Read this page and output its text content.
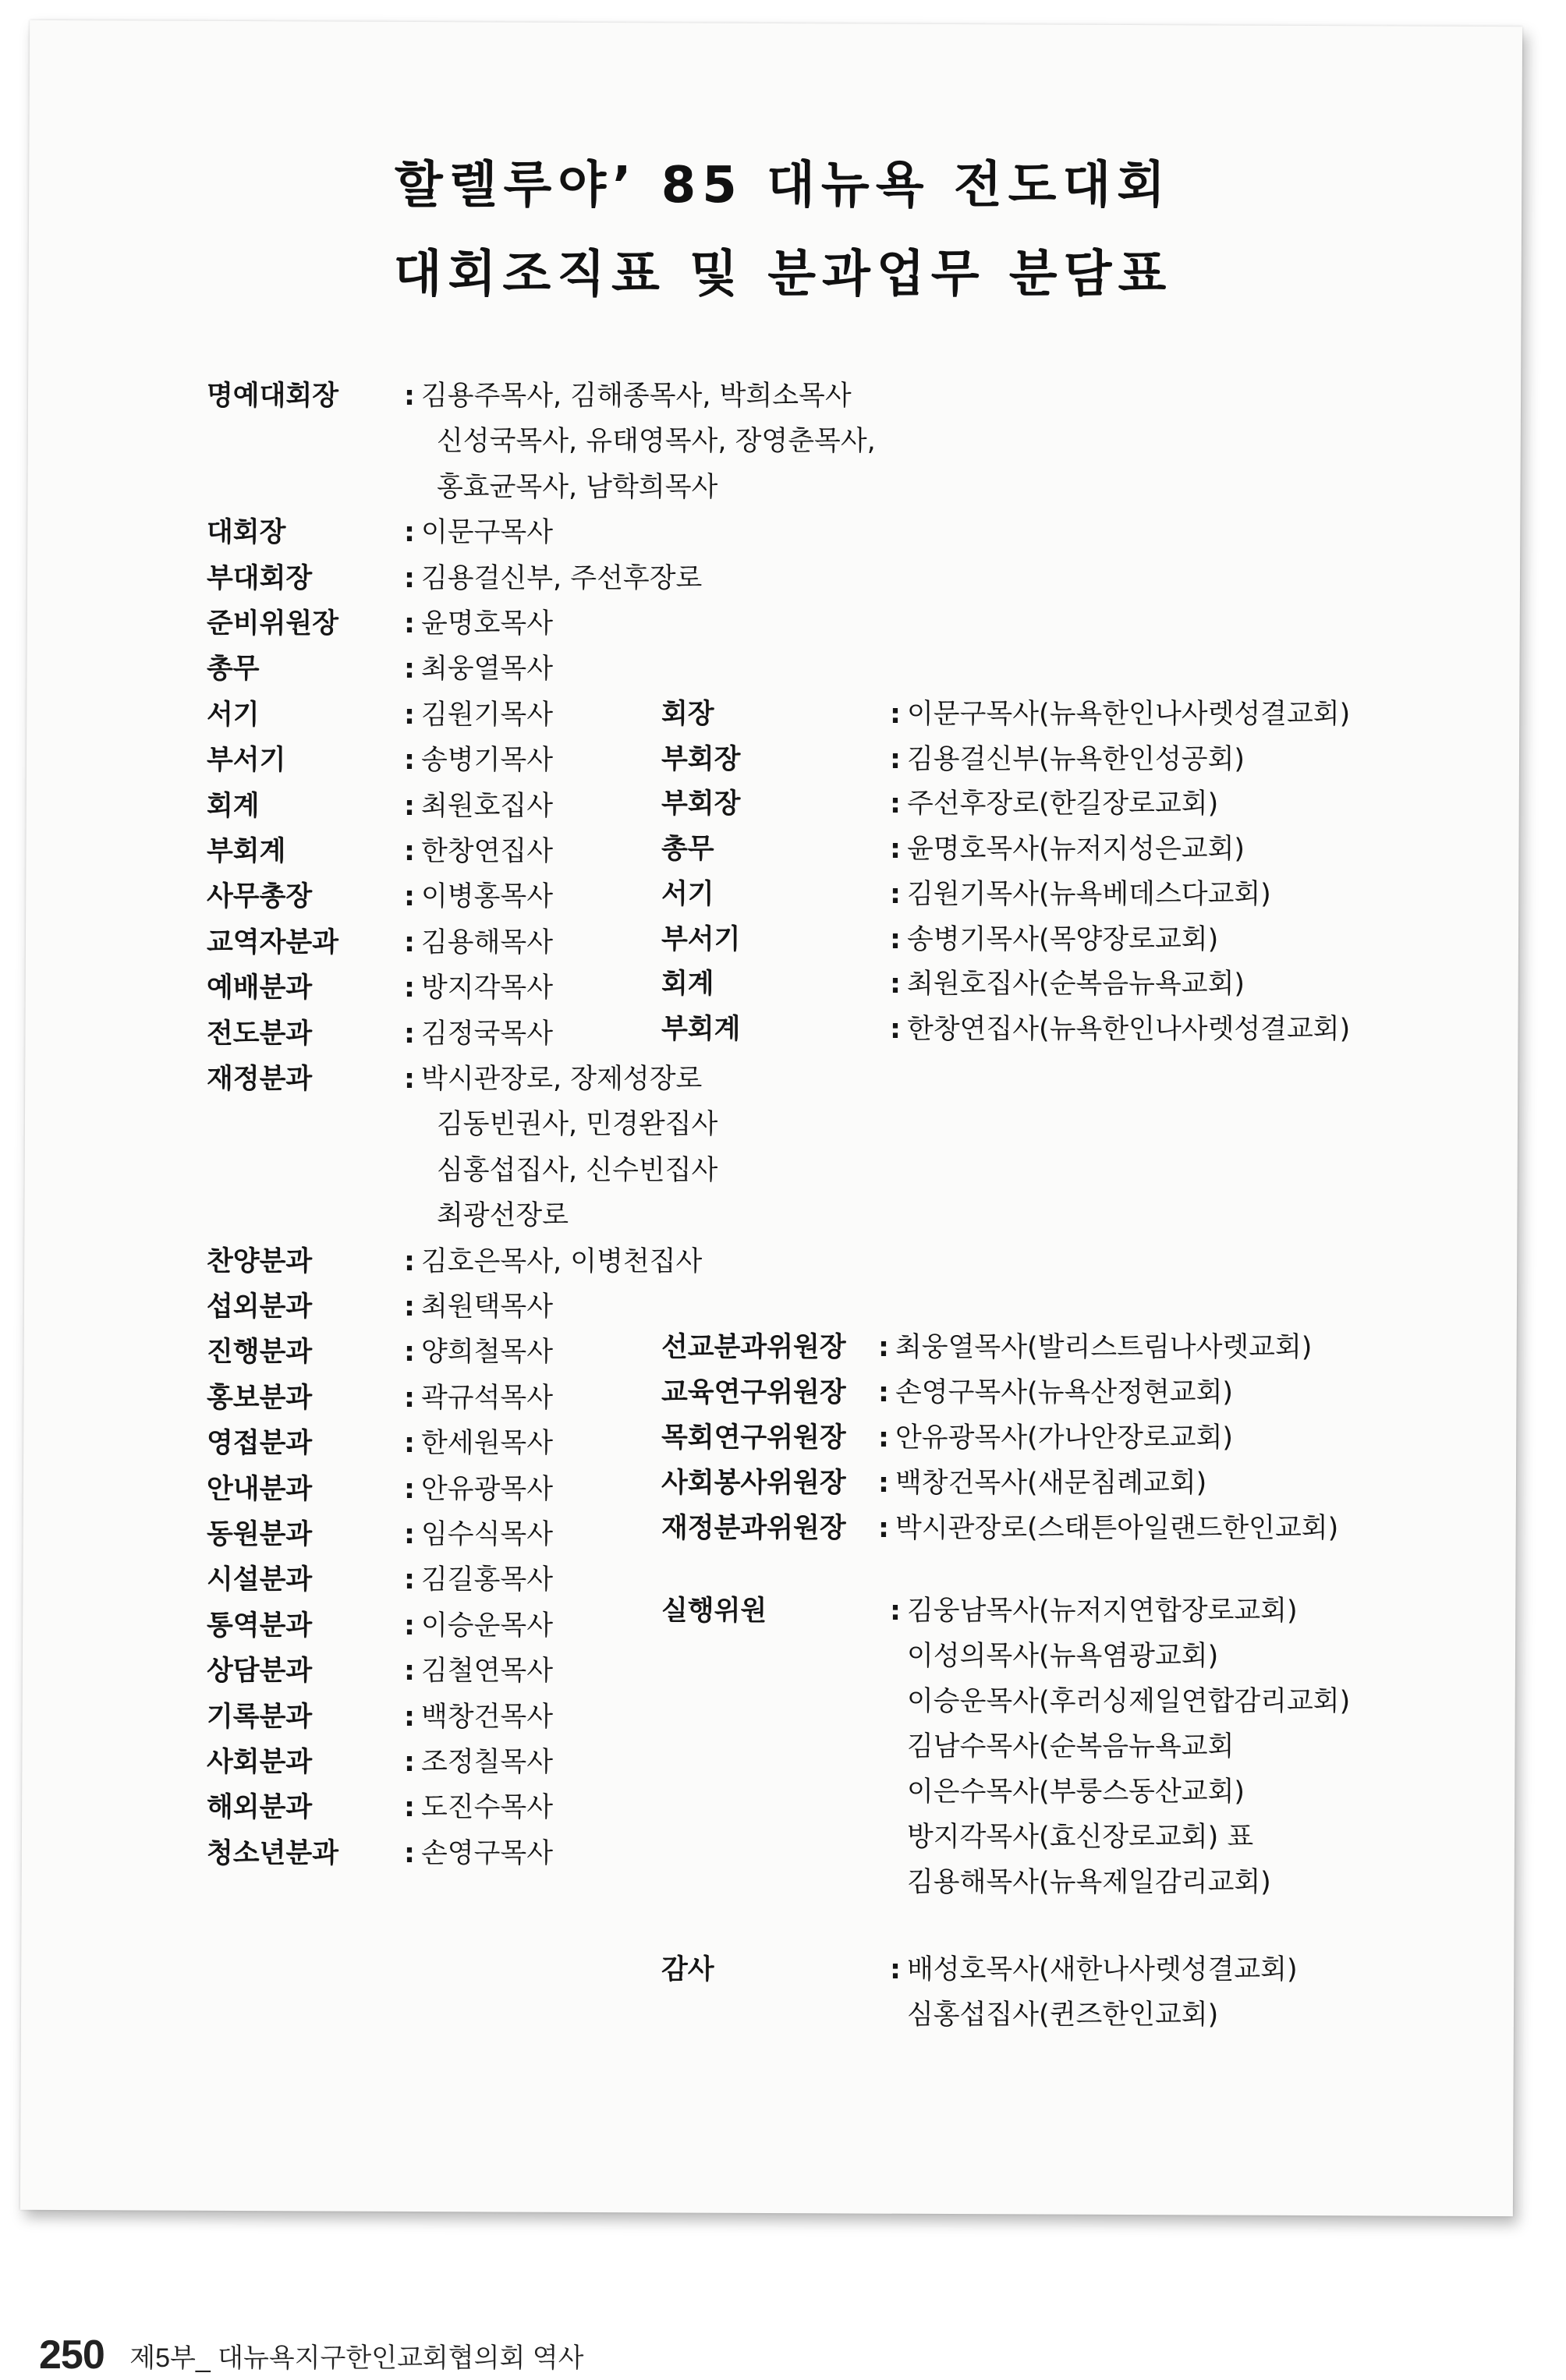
할렐루야’ 85 대뉴욕 전도대회
대회조직표 및 분과업무 분담표
명예대회장 : 김용주목사, 김해종목사, 박희소목사
신성국목사, 유태영목사, 장영춘목사,
홍효균목사, 남학희목사
대회장	: 이문구목사
부대회장	: 김용걸신부, 주선후장로
준비위원장 : 윤명호목사
총무	: 최웅열목사
서기	: 김원기목사
부서기	: 송병기목사
회계	: 최원호집사
부회계	: 한창연집사
사무총장	: 이병홍목사
교역자분과 : 김용해목사
예배분과	: 방지각목사
전도분과	: 김정국목사
재정분과	: 박시관장로, 장제성장로
김동빈권사, 민경완집사
심홍섭집사, 신수빈집사
최광선장로
찬양분과	: 김호은목사, 이병천집사
섭외분과	: 최원택목사
진행분과	: 양희철목사
홍보분과	: 곽규석목사
영접분과	: 한세원목사
안내분과	: 안유광목사
동원분과	: 임수식목사
시설분과	: 김길홍목사
통역분과	: 이승운목사
상담분과	: 김철연목사
기록분과	: 백창건목사
사회분과	: 조정칠목사
해외분과	: 도진수목사
청소년분과 : 손영구목사
회장	: 이문구목사(뉴욕한인나사렛성결교회)
부회장	: 김용걸신부(뉴욕한인성공회)
부회장	: 주선후장로(한길장로교회)
총무	: 윤명호목사(뉴저지성은교회)
서기	: 김원기목사(뉴욕베데스다교회)
부서기	: 송병기목사(목양장로교회)
회계	: 최원호집사(순복음뉴욕교회)
부회계	: 한창연집사(뉴욕한인나사렛성결교회)
선교분과위원장 : 최웅열목사(발리스트림나사렛교회)
교육연구위원장 : 손영구목사(뉴욕산정현교회)
목회연구위원장 : 안유광목사(가나안장로교회)
사회봉사위원장 : 백창건목사(새문침례교회)
재정분과위원장 : 박시관장로(스태튼아일랜드한인교회)
실행위원	: 김웅남목사(뉴저지연합장로교회)
이성의목사(뉴욕염광교회)
이승운목사(후러싱제일연합감리교회)
김남수목사(순복음뉴욕교회
이은수목사(부룽스동산교회)
방지각목사(효신장로교회) 표
김용해목사(뉴욕제일감리교회)
감사	: 배성호목사(새한나사렛성결교회)
심홍섭집사(퀸즈한인교회)
250 제5부_ 대뉴욕지구한인교회협의회 역사
